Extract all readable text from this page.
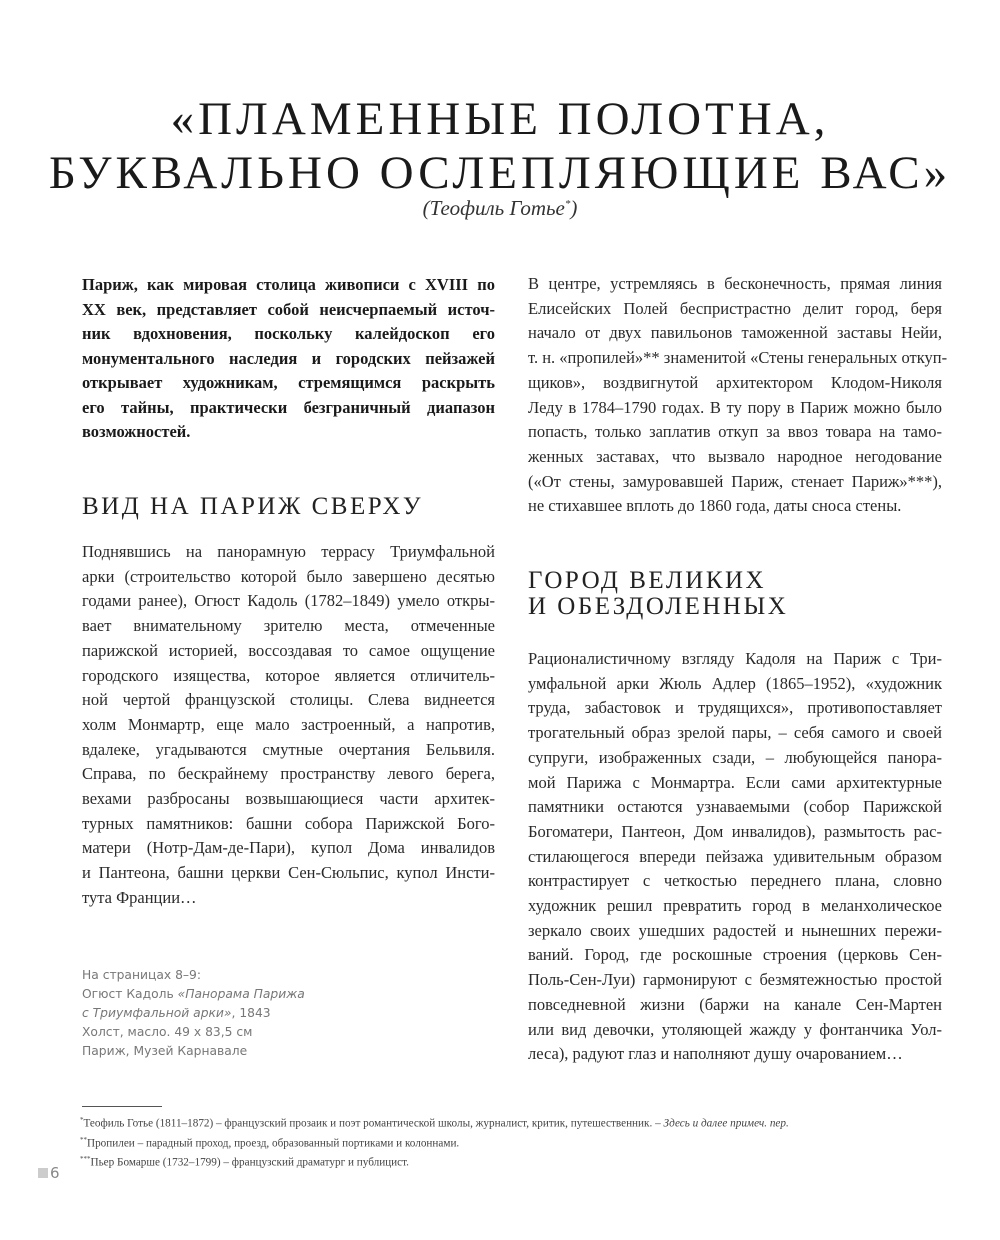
«ПЛАМЕННЫЕ ПОЛОТНА,
БУКВАЛЬНО ОСЛЕПЛЯЮЩИЕ ВАС»
(Теофиль Готье*)
Париж, как мировая столица живописи с XVIII по
XX век, представляет собой неисчерпаемый источ-
ник вдохновения, поскольку калейдоскоп его
монументального наследия и городских пейзажей
открывает художникам, стремящимся раскрыть
его тайны, практически безграничный диапазон
возможностей.
ВИД НА ПАРИЖ СВЕРХУ
Поднявшись на панорамную террасу Триумфальной
арки (строительство которой было завершено десятью
годами ранее), Огюст Кадоль (1782–1849) умело откры-
вает внимательному зрителю места, отмеченные
парижской историей, воссоздавая то самое ощущение
городского изящества, которое является отличитель-
ной чертой французской столицы. Слева виднеется
холм Монмартр, еще мало застроенный, а напротив,
вдалеке, угадываются смутные очертания Бельвиля.
Справа, по бескрайнему пространству левого берега,
вехами разбросаны возвышающиеся части архитек-
турных памятников: башни собора Парижской Бого-
матери (Нотр-Дам-де-Пари), купол Дома инвалидов
и Пантеона, башни церкви Сен-Сюльпис, купол Инсти-
тута Франции…
В центре, устремляясь в бесконечность, прямая линия
Елисейских Полей беспристрастно делит город, беря
начало от двух павильонов таможенной заставы Нейи,
т. н. «пропилей»** знаменитой «Стены генеральных откуп-
щиков», воздвигнутой архитектором Клодом-Николя
Леду в 1784–1790 годах. В ту пору в Париж можно было
попасть, только заплатив откуп за ввоз товара на тамо-
женных заставах, что вызвало народное негодование
(«От стены, замуровавшей Париж, стенает Париж»***),
не стихавшее вплоть до 1860 года, даты сноса стены.
ГОРОД ВЕЛИКИХ
И ОБЕЗДОЛЕННЫХ
Рационалистичному взгляду Кадоля на Париж с Три-
умфальной арки Жюль Адлер (1865–1952), «художник
труда, забастовок и трудящихся», противопоставляет
трогательный образ зрелой пары, – себя самого и своей
супруги, изображенных сзади, – любующейся панора-
мой Парижа с Монмартра. Если сами архитектурные
памятники остаются узнаваемыми (собор Парижской
Богоматери, Пантеон, Дом инвалидов), размытость рас-
стилающегося впереди пейзажа удивительным образом
контрастирует с четкостью переднего плана, словно
художник решил превратить город в меланхолическое
зеркало своих ушедших радостей и нынешних пережи-
ваний. Город, где роскошные строения (церковь Сен-
Поль-Сен-Луи) гармонируют с безмятежностью простой
повседневной жизни (баржи на канале Сен-Мартен
или вид девочки, утоляющей жажду у фонтанчика Уол-
леса), радуют глаз и наполняют душу очарованием…
На страницах 8–9:
Огюст Кадоль «Панорама Парижа
с Триумфальной арки», 1843
Холст, масло. 49 х 83,5 см
Париж, Музей Карнавале
*Теофиль Готье (1811–1872) – французский прозаик и поэт романтической школы, журналист, критик, путешественник. – Здесь и далее примеч. пер.
**Пропилеи – парадный проход, проезд, образованный портиками и колоннами.
***Пьер Бомарше (1732–1799) – французский драматург и публицист.
6
